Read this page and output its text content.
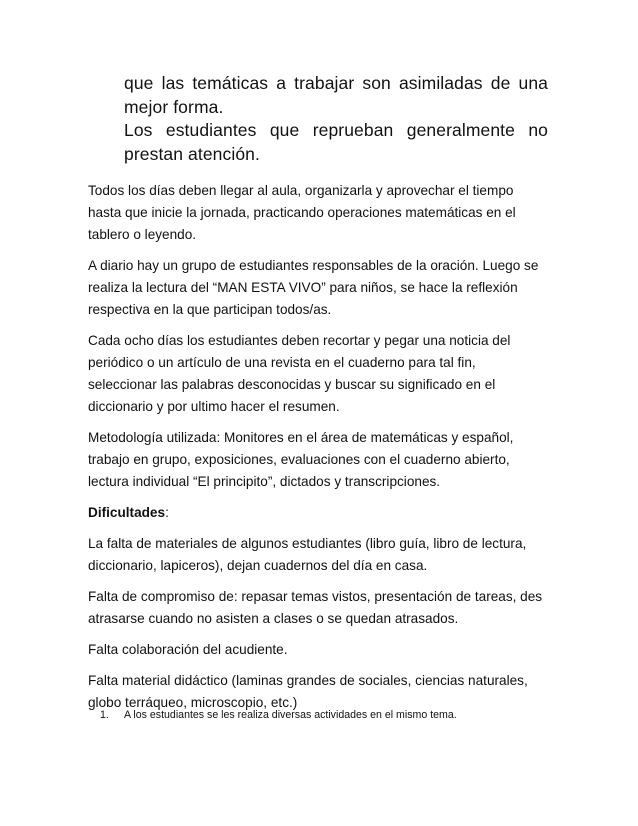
que las temáticas a trabajar son asimiladas de una

mejor forma.

Los estudiantes que reprueban generalmente no

prestan atención.

Todos los días deben llegar al aula, organizarla y aprovechar el tiempo hasta que inicie la jornada, practicando operaciones matemáticas en el tablero o leyendo.

A diario hay un grupo de estudiantes responsables de la oración. Luego se realiza la lectura del “MAN ESTA VIVO” para niños, se hace la reflexión respectiva en la que participan todos/as.

Cada ocho días los estudiantes deben recortar y pegar una noticia del periódico o un artículo de una revista en el cuaderno para tal fin, seleccionar las palabras desconocidas y buscar su significado en el diccionario y por ultimo hacer el resumen.

Metodología utilizada: Monitores en el área de matemáticas y español, trabajo en grupo, exposiciones, evaluaciones con el cuaderno abierto, lectura individual “El principito”, dictados y transcripciones.

Dificultades:

La falta de materiales de algunos estudiantes (libro guía, libro de lectura, diccionario, lapiceros), dejan cuadernos del día en casa.

Falta de compromiso de: repasar temas vistos, presentación de tareas, des atrasarse cuando no asisten a clases o se quedan atrasados.

Falta colaboración del acudiente.

Falta material didáctico (laminas grandes de sociales, ciencias naturales, globo terráqueo, microscopio, etc.)

1. A los estudiantes se les realiza diversas actividades en el mismo tema.
